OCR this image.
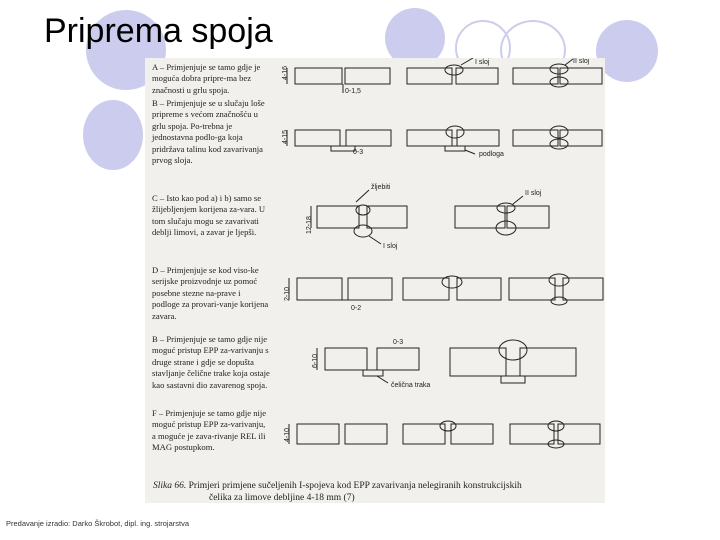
Priprema spoja
A – Primjenjuje se tamo gdje je moguća dobra pripre-ma bez značnosti u grlu spoja.
B – Primjenjuje se u slučaju loše pripreme s većom značnošću u grlu spoja. Po-trebna je jednostavna podlo-ga koja pridržava talinu kod zavarivanja prvog sloja.
C – Isto kao pod a) i b) samo se žlijebljenjem korijena za-vara. U tom slučaju mogu se zavarivati deblji limovi, a zavar je ljepši.
D – Primjenjuje se kod viso-ke serijske proizvodnje uz pomoć posebne stezne na-prave i podloge za provari-vanje korijena zavara.
B – Primjenjuje se tamo gdje nije moguć pristup EPP za-varivanju s druge strane i gdje se dopušta stavljanje čelične trake koja ostaje kao sastavni dio zavarenog spoja.
F – Primjenjuje se tamo gdje nije moguć pristup EPP za-varivanju, a moguće je zava-rivanje REL ili MAG postupkom.
4-16
0-1,5
4-15
0-3	podloga
12-18
žljebiti
II sloj
I sloj
2-10
0-2
0-3
6-10
čelična traka
4-10
I sloj	II sloj
Slika 66. Primjeri primjene sučeljenih I-spojeva kod EPP zavarivanja nelegiranih konstrukcijskih
čelika za limove debljine 4-18 mm (7)
Predavanje izradio: Darko Škrobot, dipl. ing. strojarstva
